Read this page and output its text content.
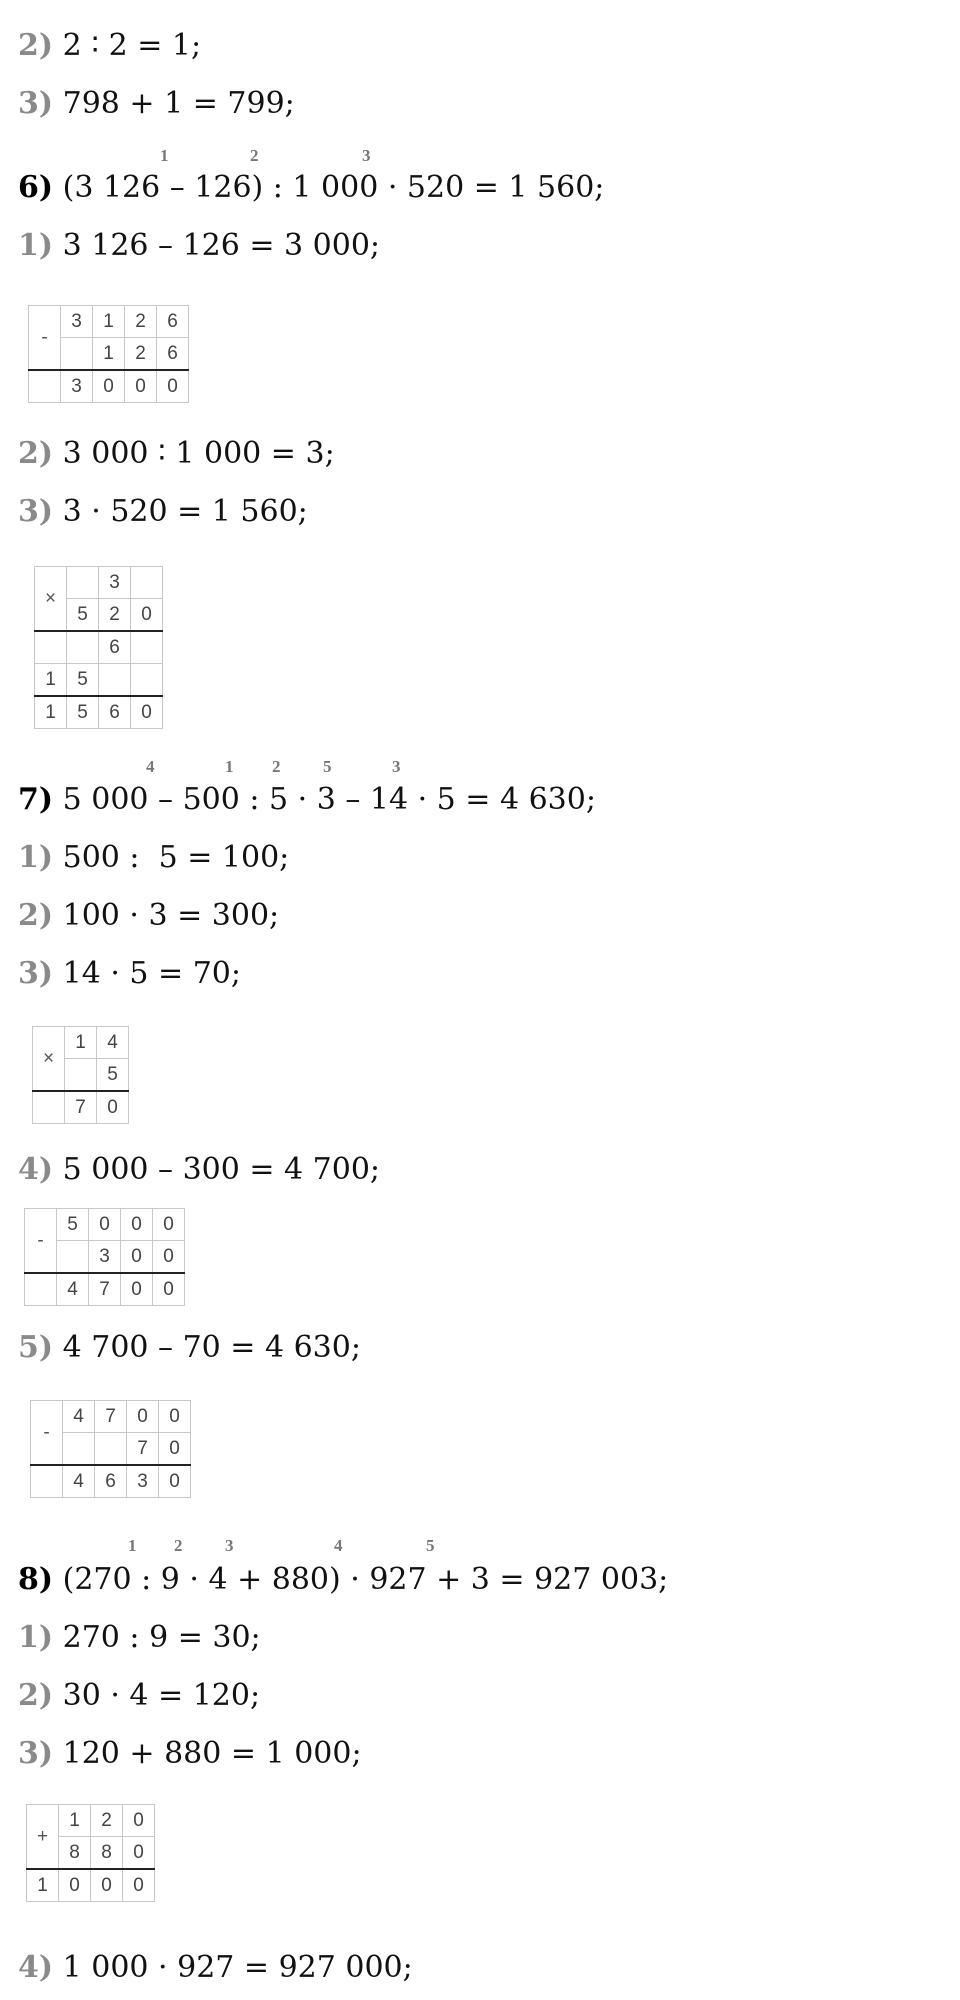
2) 2 ∶ 2 = 1;
3) 798 + 1 = 799;
1	2	3
6) (3 126 – 126) : 1 000 · 520 = 1 560;
1) 3 126 – 126 = 3 000;
-	3	1	2	6
		1	2	6
	3	0	0	0
2) 3 000 ∶ 1 000 = 3;
3) 3 · 520 = 1 560;
×		3	
	5	2	0
		6	
1	5		
1	5	6	0
4	1 2	5	3
7) 5 000 – 500 : 5 · 3 – 14 · 5 = 4 630;
1) 500 :  5 = 100;
2) 100 · 3 = 300;
3) 14 · 5 = 70;
×	1	4
		5
	7	0
4) 5 000 – 300 = 4 700;
-	5	0	0	0
		3	0	0
	4	7	0	0
5) 4 700 – 70 = 4 630;
-	4	7	0	0
			7	0
	4	6	3	0
1 2	3	4	5
8) (270 : 9 · 4 + 880) · 927 + 3 = 927 003;
1) 270 : 9 = 30;
2) 30 · 4 = 120;
3) 120 + 880 = 1 000;
+	1	2	0
	8	8	0
1	0	0	0
4) 1 000 · 927 = 927 000;
